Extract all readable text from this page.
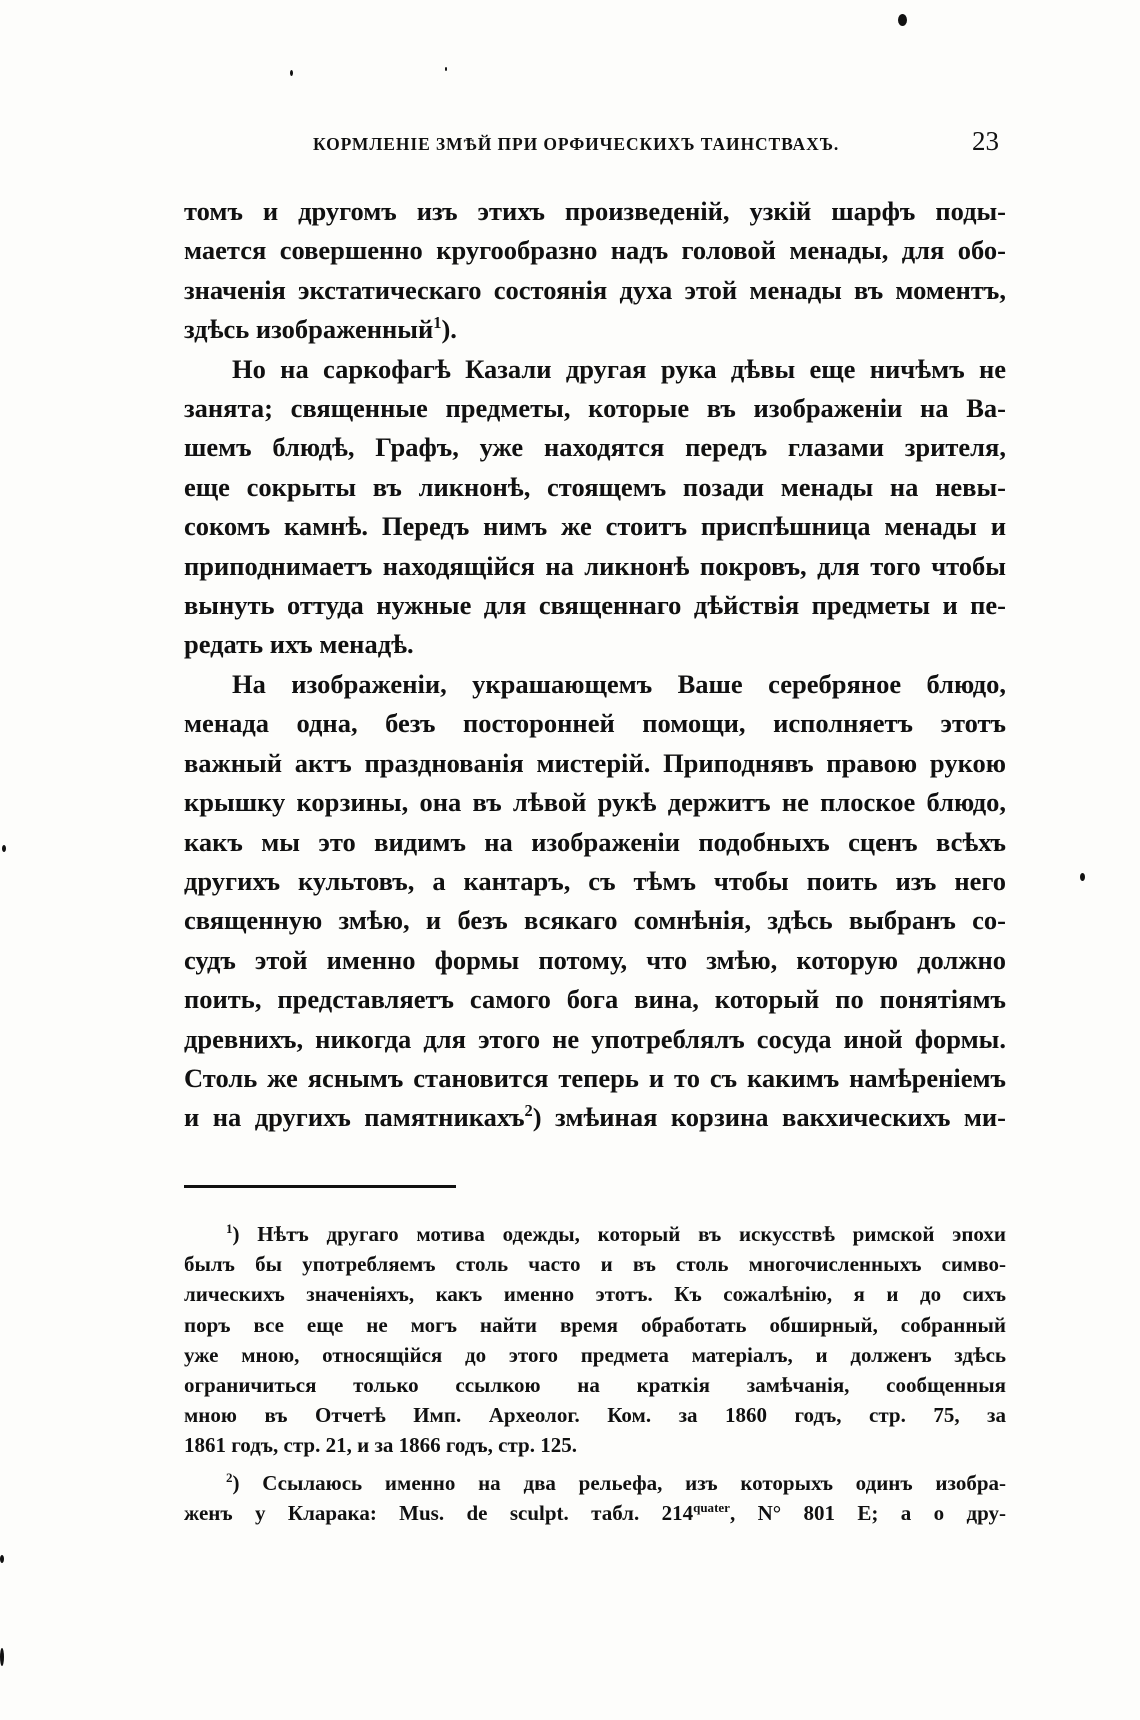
КОРМЛЕНІЕ ЗМѢЙ ПРИ ОРФИЧЕСКИХЪ ТАИНСТВАХЪ.	23
томъ и другомъ изъ этихъ произведеній, узкій шарфъ поды-
мается совершенно кругообразно надъ головой менады, для обо-
значенія экстатическаго состоянія духа этой менады въ моментъ,
здѣсь изображенный$^1$).
Но на саркофагѣ Казали другая рука дѣвы еще ничѣмъ не
занята; священные предметы, которые въ изображеніи на Ва-
шемъ блюдѣ, Графъ, уже находятся передъ глазами зрителя,
еще сокрыты въ ликнонѣ, стоящемъ позади менады на невы-
сокомъ камнѣ. Передъ нимъ же стоитъ приспѣшница менады и
приподнимаетъ находящійся на ликнонѣ покровъ, для того чтобы
вынуть оттуда нужные для священнаго дѣйствія предметы и пе-
редать ихъ менадѣ.
На изображеніи, украшающемъ Ваше серебряное блюдо,
менада одна, безъ посторонней помощи, исполняетъ этотъ
важный актъ празднованія мистерій. Приподнявъ правою рукою
крышку корзины, она въ лѣвой рукѣ держитъ не плоское блюдо,
какъ мы это видимъ на изображеніи подобныхъ сценъ всѣхъ
другихъ культовъ, а кантаръ, съ тѣмъ чтобы поить изъ него
священную змѣю, и безъ всякаго сомнѣнія, здѣсь выбранъ со-
судъ этой именно формы потому, что змѣю, которую должно
поить, представляетъ самого бога вина, который по понятіямъ
древнихъ, никогда для этого не употреблялъ сосуда иной формы.
Столь же яснымъ становится теперь и то съ какимъ намѣреніемъ
и на другихъ памятникахъ$^2$) змѣиная корзина вакхическихъ ми-
$^1$) Нѣтъ другаго мотива одежды, который въ искусствѣ римской эпохи
былъ бы употребляемъ столь часто и въ столь многочисленныхъ симво-
лическихъ значеніяхъ, какъ именно этотъ. Къ сожалѣнію, я и до сихъ
поръ все еще не могъ найти время обработать обширный, собранный
уже мною, относящійся до этого предмета матеріалъ, и долженъ здѣсь
ограничиться только ссылкою на краткія замѣчанія, сообщенныя
мною въ Отчетѣ Имп. Археолог. Ком. за 1860 годъ, стр. 75, за
1861 годъ, стр. 21, и за 1866 годъ, стр. 125.
$^2$) Ссылаюсь именно на два рельефа, изъ которыхъ одинъ изобра-
женъ у Кларака: Mus. de sculpt. табл. $214^{quater}$, N° 801 E; а о дру-
